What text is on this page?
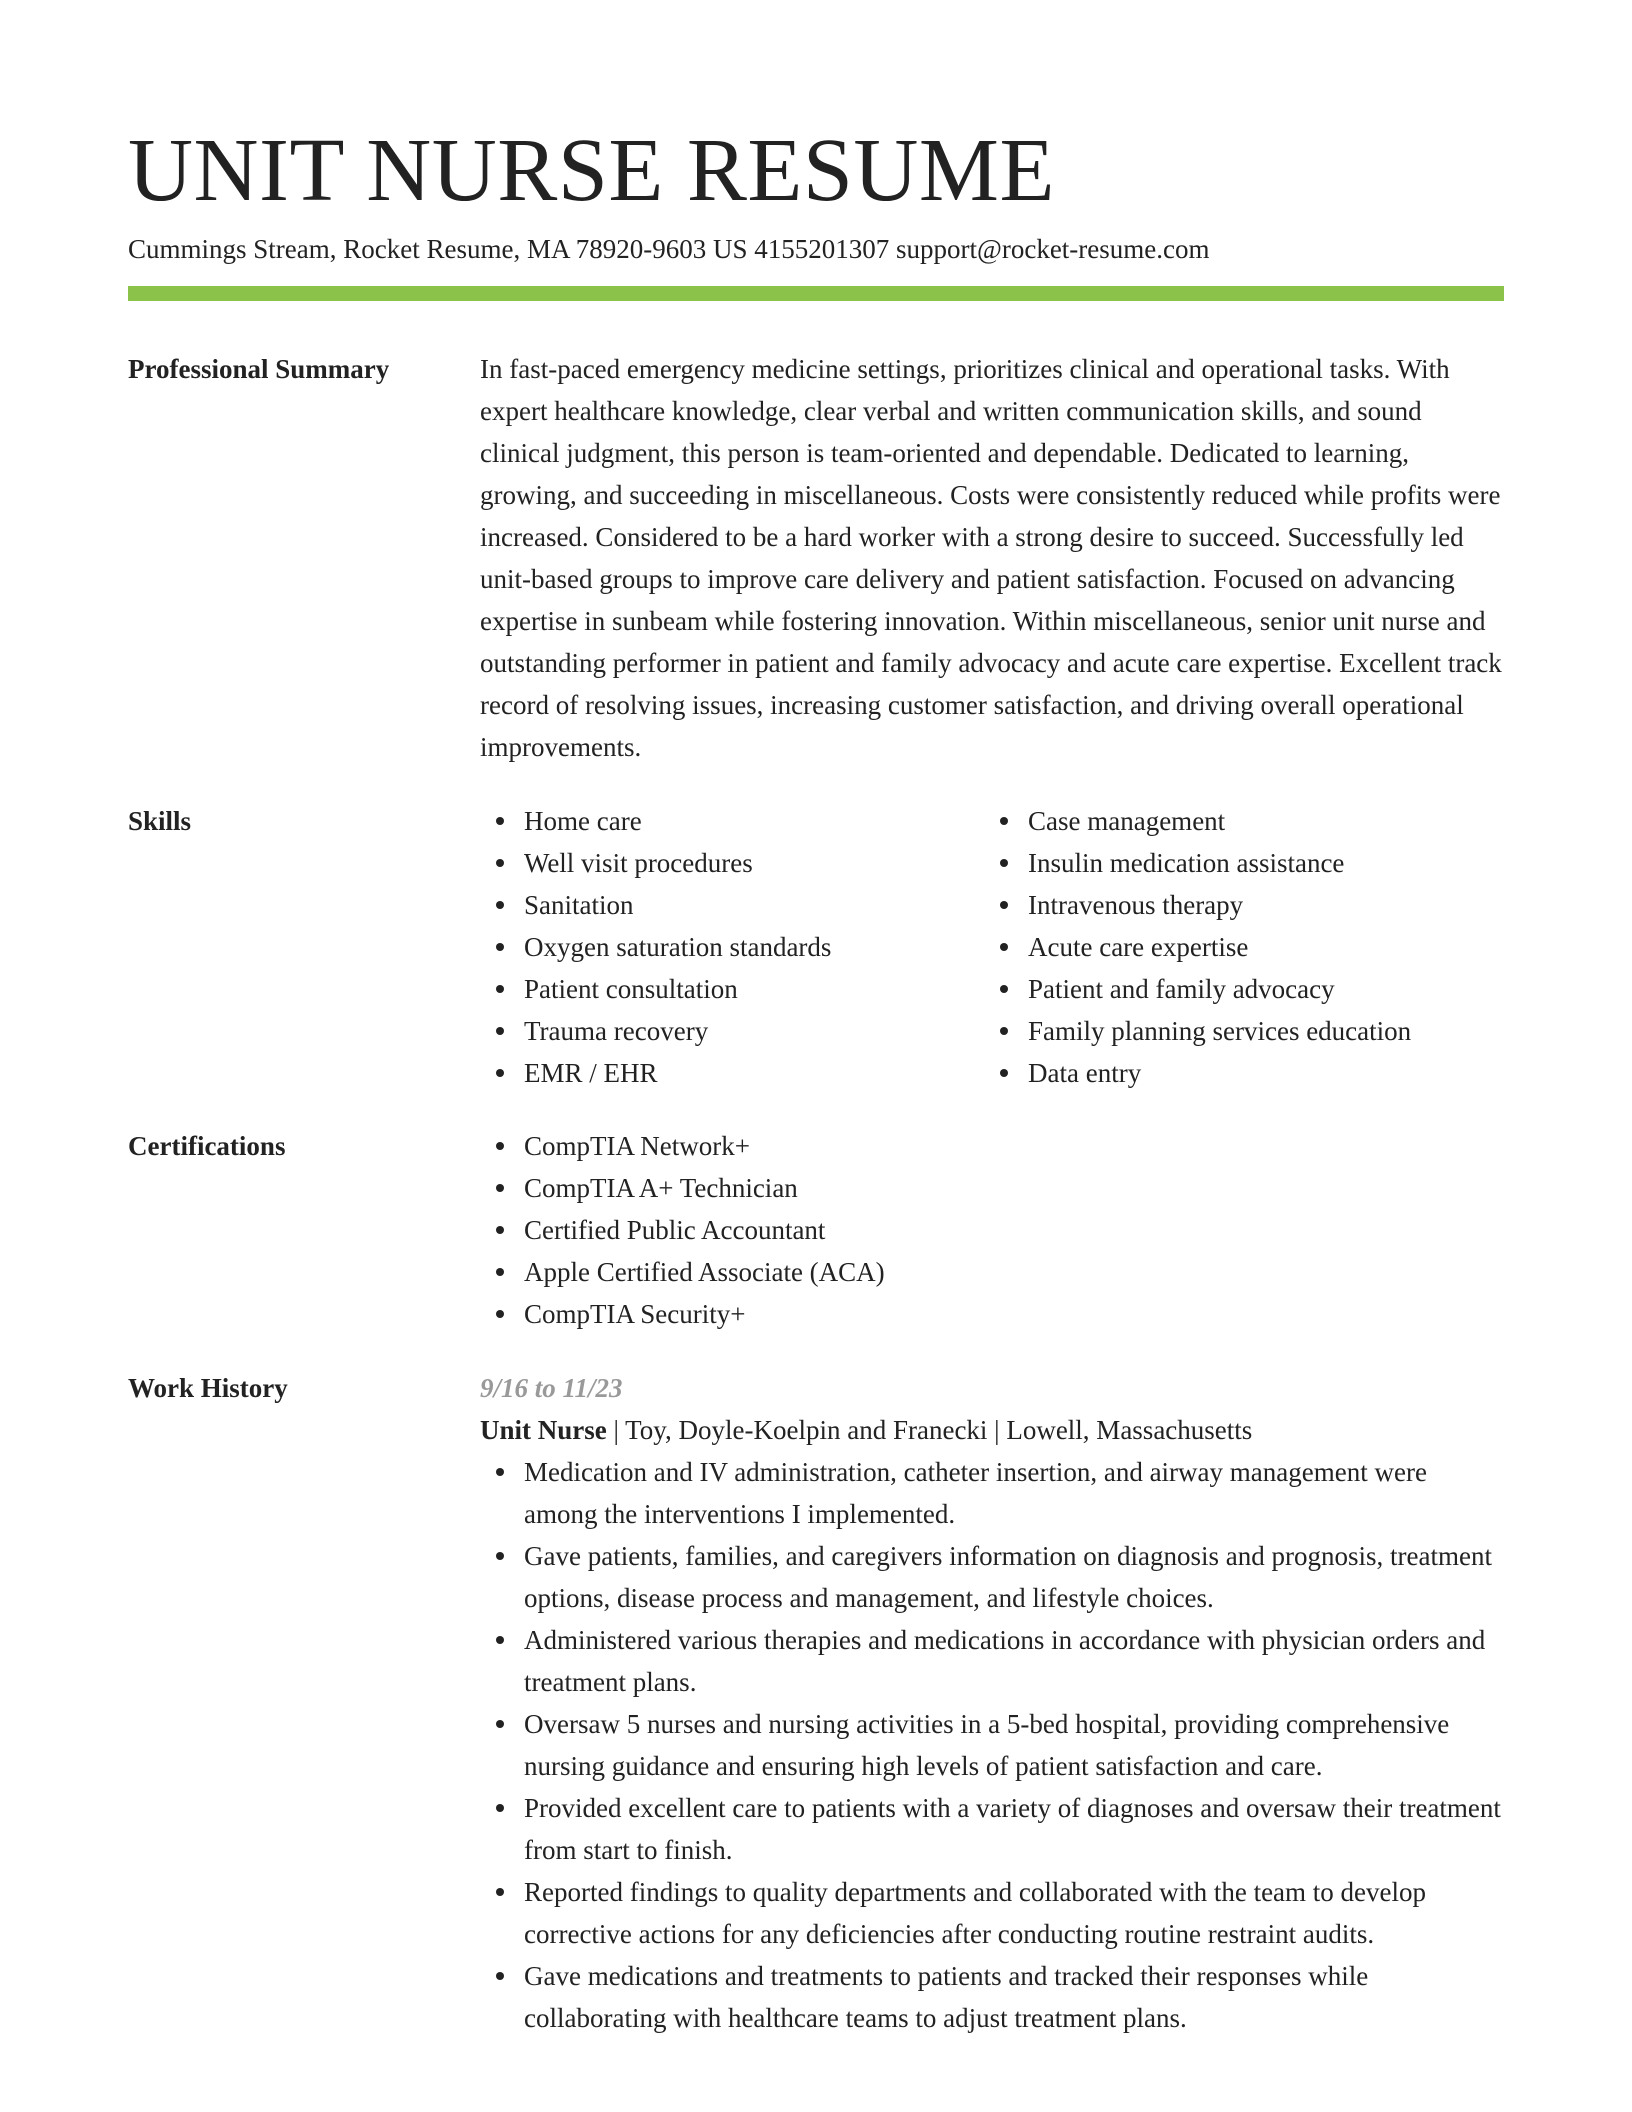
UNIT NURSE RESUME
Cummings Stream, Rocket Resume, MA 78920-9603 US 4155201307 support@rocket-resume.com
Professional Summary	In fast-paced emergency medicine settings, prioritizes clinical and operational tasks. With expert healthcare knowledge, clear verbal and written communication skills, and sound clinical judgment, this person is team-oriented and dependable. Dedicated to learning, growing, and succeeding in miscellaneous. Costs were consistently reduced while profits were increased. Considered to be a hard worker with a strong desire to succeed. Successfully led unit-based groups to improve care delivery and patient satisfaction. Focused on advancing expertise in sunbeam while fostering innovation. Within miscellaneous, senior unit nurse and outstanding performer in patient and family advocacy and acute care expertise. Excellent track record of resolving issues, increasing customer satisfaction, and driving overall operational improvements.

Skills	Home care
Well visit procedures
Sanitation
Oxygen saturation standards
Patient consultation
Trauma recovery
EMR / EHR
Case management
Insulin medication assistance
Intravenous therapy
Acute care expertise
Patient and family advocacy
Family planning services education
Data entry
Certifications	CompTIA Network+
CompTIA A+ Technician
Certified Public Accountant
Apple Certified Associate (ACA)
CompTIA Security+
Work History	9/16 to 11/23
Unit Nurse | Toy, Doyle-Koelpin and Franecki | Lowell, Massachusetts
Medication and IV administration, catheter insertion, and airway management were among the interventions I implemented.
Gave patients, families, and caregivers information on diagnosis and prognosis, treatment options, disease process and management, and lifestyle choices.
Administered various therapies and medications in accordance with physician orders and treatment plans.
Oversaw 5 nurses and nursing activities in a 5-bed hospital, providing comprehensive nursing guidance and ensuring high levels of patient satisfaction and care.
Provided excellent care to patients with a variety of diagnoses and oversaw their treatment from start to finish.
Reported findings to quality departments and collaborated with the team to develop corrective actions for any deficiencies after conducting routine restraint audits.
Gave medications and treatments to patients and tracked their responses while collaborating with healthcare teams to adjust treatment plans.
